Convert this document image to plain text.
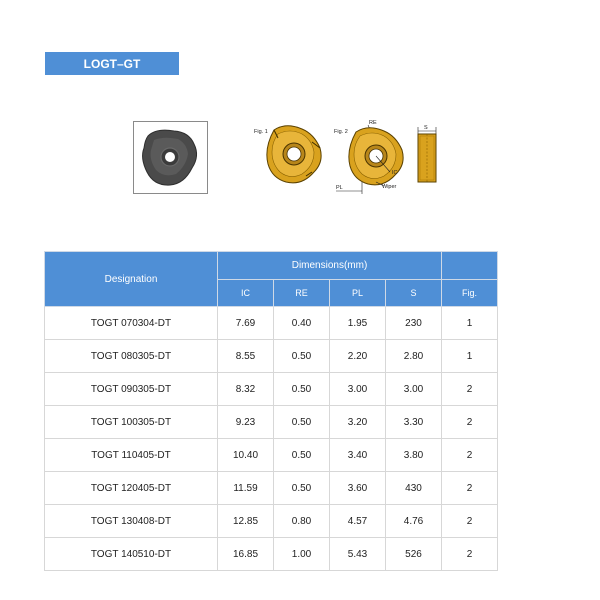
LOGT–GT
Fig. 1	Fig. 2
RE
IC
PL	Wiper
S
Designation	Dimensions(mm)				
	IC	RE	PL	S	Fig.
TOGT 070304-DT	7.69	0.40	1.95	230	1
TOGT 080305-DT	8.55	0.50	2.20	2.80	1
TOGT 090305-DT	8.32	0.50	3.00	3.00	2
TOGT 100305-DT	9.23	0.50	3.20	3.30	2
TOGT 110405-DT	10.40	0.50	3.40	3.80	2
TOGT 120405-DT	11.59	0.50	3.60	430	2
TOGT 130408-DT	12.85	0.80	4.57	4.76	2
TOGT 140510-DT	16.85	1.00	5.43	526	2
